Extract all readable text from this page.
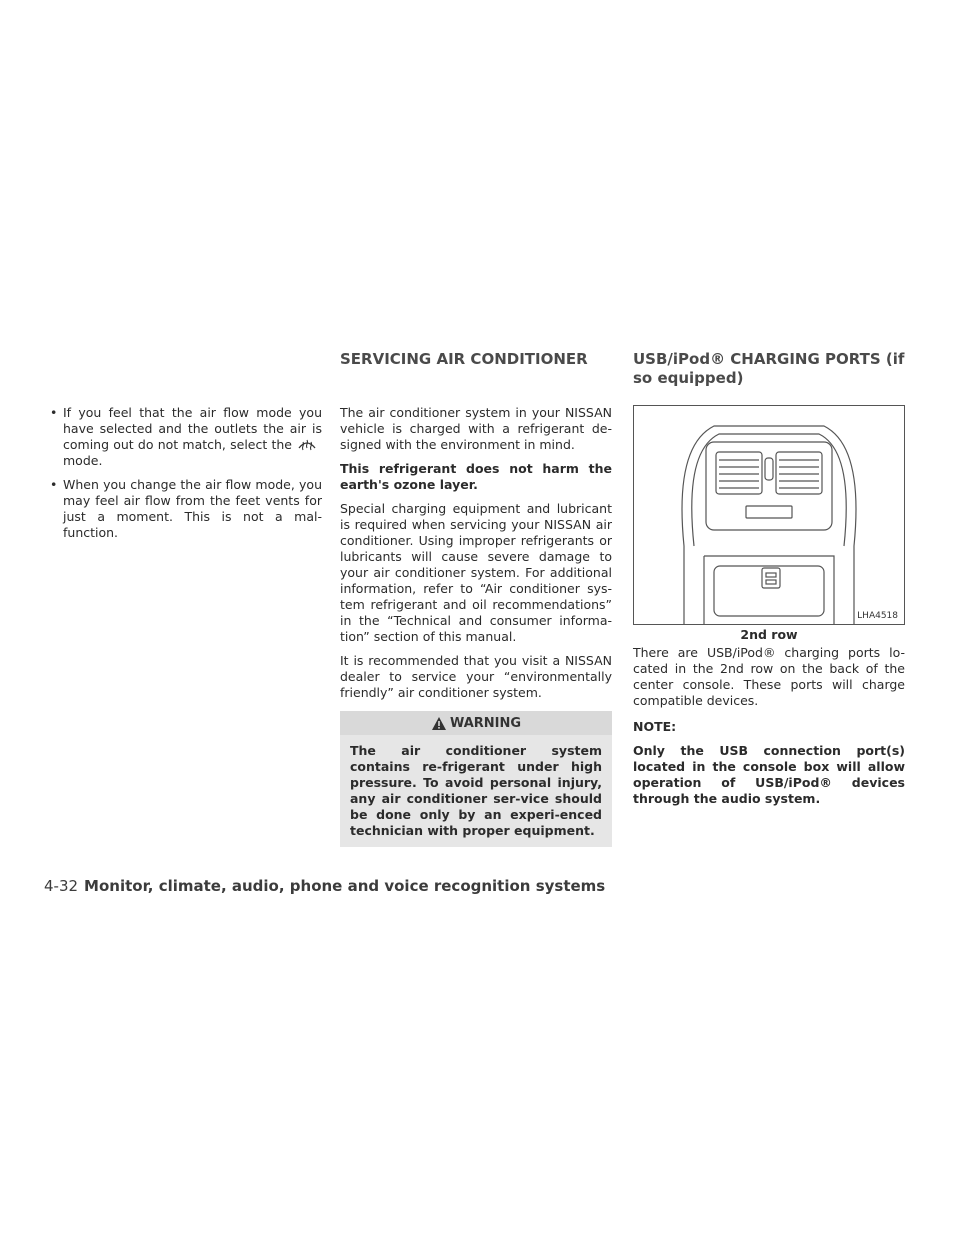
SERVICING AIR CONDITIONER	USB/iPod® CHARGING PORTS (if so equipped)
• If you feel that the air flow mode you have selected and the outlets the air is coming out do not match, select themode.
• When you change the air flow mode, you may feel air flow from the feet vents for just a moment. This is not a mal-function.

The air conditioner system in your NISSAN vehicle is charged with a refrigerant de-signed with the environment in mind.

This refrigerant does not harm the earth's ozone layer.

Special charging equipment and lubricant is required when servicing your NISSAN air conditioner. Using improper refrigerants or lubricants will cause severe damage to your air conditioner system. For additional information, refer to “Air conditioner sys-tem refrigerant and oil recommendations” in the “Technical and consumer informa-tion” section of this manual.

It is recommended that you visit a NISSAN dealer to service your “environmentally friendly” air conditioner system.

WARNING

The air conditioner system contains re-frigerant under high pressure. To avoid personal injury, any air conditioner ser-vice should be done only by an experi-enced technician with proper equipment.

LHA4518
2nd row

There are USB/iPod® charging ports lo-cated in the 2nd row on the back of the center console. These ports will charge compatible devices.

NOTE:

Only the USB connection port(s) located in the console box will allow operation of USB/iPod® devices through the audio system.

4-32 Monitor, climate, audio, phone and voice recognition systems
